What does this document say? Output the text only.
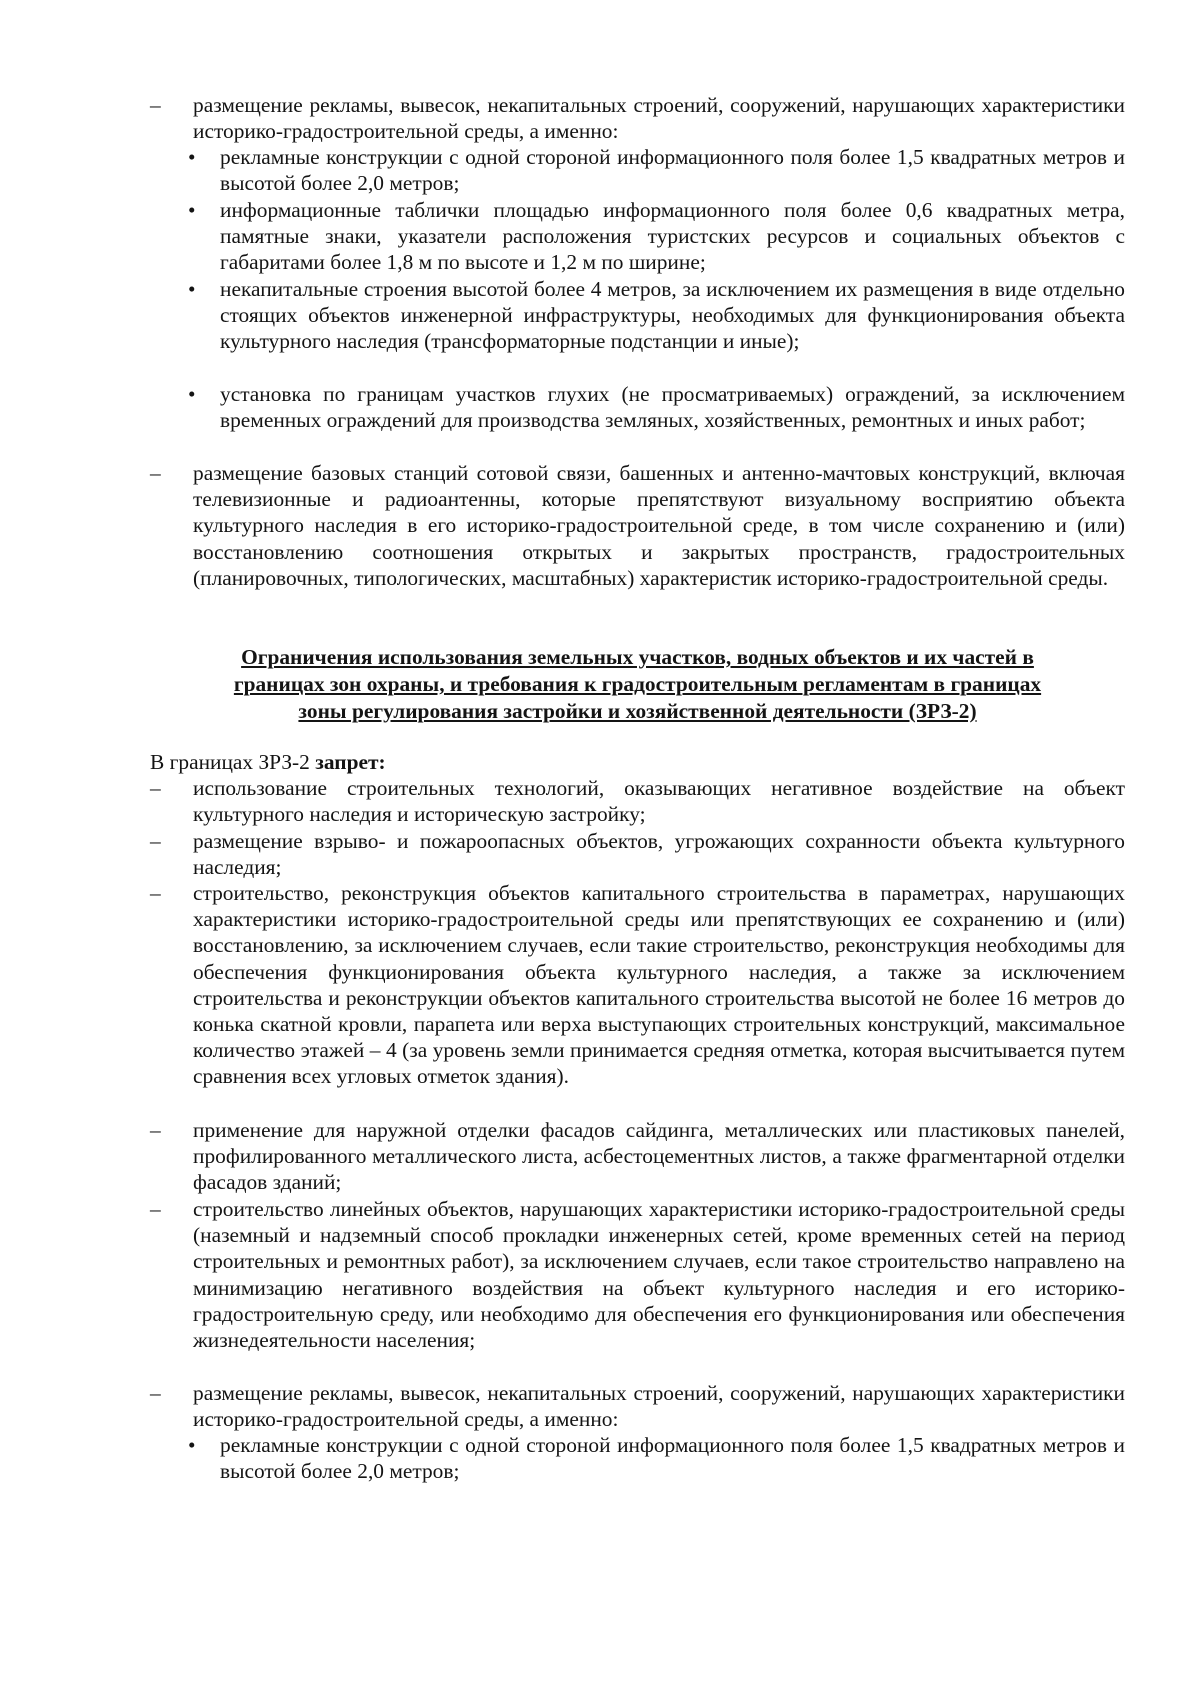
–	размещение рекламы, вывесок, некапитальных строений, сооружений, нарушающих характеристики историко-градостроительной среды, а именно:
• рекламные конструкции с одной стороной информационного поля более 1,5 квадратных метров и высотой более 2,0 метров;
• информационные таблички площадью информационного поля более 0,6 квадратных метра, памятные знаки, указатели расположения туристских ресурсов и социальных объектов с габаритами более 1,8 м по высоте и 1,2 м по ширине;
• некапитальные строения высотой более 4 метров, за исключением их размещения в виде отдельно стоящих объектов инженерной инфраструктуры, необходимых для функционирования объекта культурного наследия (трансформаторные подстанции и иные);
• установка по границам участков глухих (не просматриваемых) ограждений, за исключением временных ограждений для производства земляных, хозяйственных, ремонтных и иных работ;
–	размещение базовых станций сотовой связи, башенных и антенно-мачтовых конструкций, включая телевизионные и радиоантенны, которые препятствуют визуальному восприятию объекта культурного наследия в его историко-градостроительной среде, в том числе сохранению и (или) восстановлению соотношения открытых и закрытых пространств, градостроительных (планировочных, типологических, масштабных) характеристик историко-градостроительной среды.
Ограничения использования земельных участков, водных объектов и их частей в
границах зон охраны, и требования к градостроительным регламентам в границах
зоны регулирования застройки и хозяйственной деятельности (ЗРЗ-2)
В границах ЗРЗ-2 запрет:
–	использование строительных технологий, оказывающих негативное воздействие на объект культурного наследия и историческую застройку;
–	размещение взрыво- и пожароопасных объектов, угрожающих сохранности объекта культурного наследия;
–	строительство, реконструкция объектов капитального строительства в параметрах, нарушающих характеристики историко-градостроительной среды или препятствующих ее сохранению и (или) восстановлению, за исключением случаев, если такие строительство, реконструкция необходимы для обеспечения функционирования объекта культурного наследия, а также за исключением строительства и реконструкции объектов капитального строительства высотой не более 16 метров до конька скатной кровли, парапета или верха выступающих строительных конструкций, максимальное количество этажей – 4 (за уровень земли принимается средняя отметка, которая высчитывается путем сравнения всех угловых отметок здания).
–	применение для наружной отделки фасадов сайдинга, металлических или пластиковых панелей, профилированного металлического листа, асбестоцементных листов, а также фрагментарной отделки фасадов зданий;
–	строительство линейных объектов, нарушающих характеристики историко-градостроительной среды (наземный и надземный способ прокладки инженерных сетей, кроме временных сетей на период строительных и ремонтных работ), за исключением случаев, если такое строительство направлено на минимизацию негативного воздействия на объект культурного наследия и его историко-градостроительную среду, или необходимо для обеспечения его функционирования или обеспечения жизнедеятельности населения;
–	размещение рекламы, вывесок, некапитальных строений, сооружений, нарушающих характеристики историко-градостроительной среды, а именно:
• рекламные конструкции с одной стороной информационного поля более 1,5 квадратных метров и высотой более 2,0 метров;
